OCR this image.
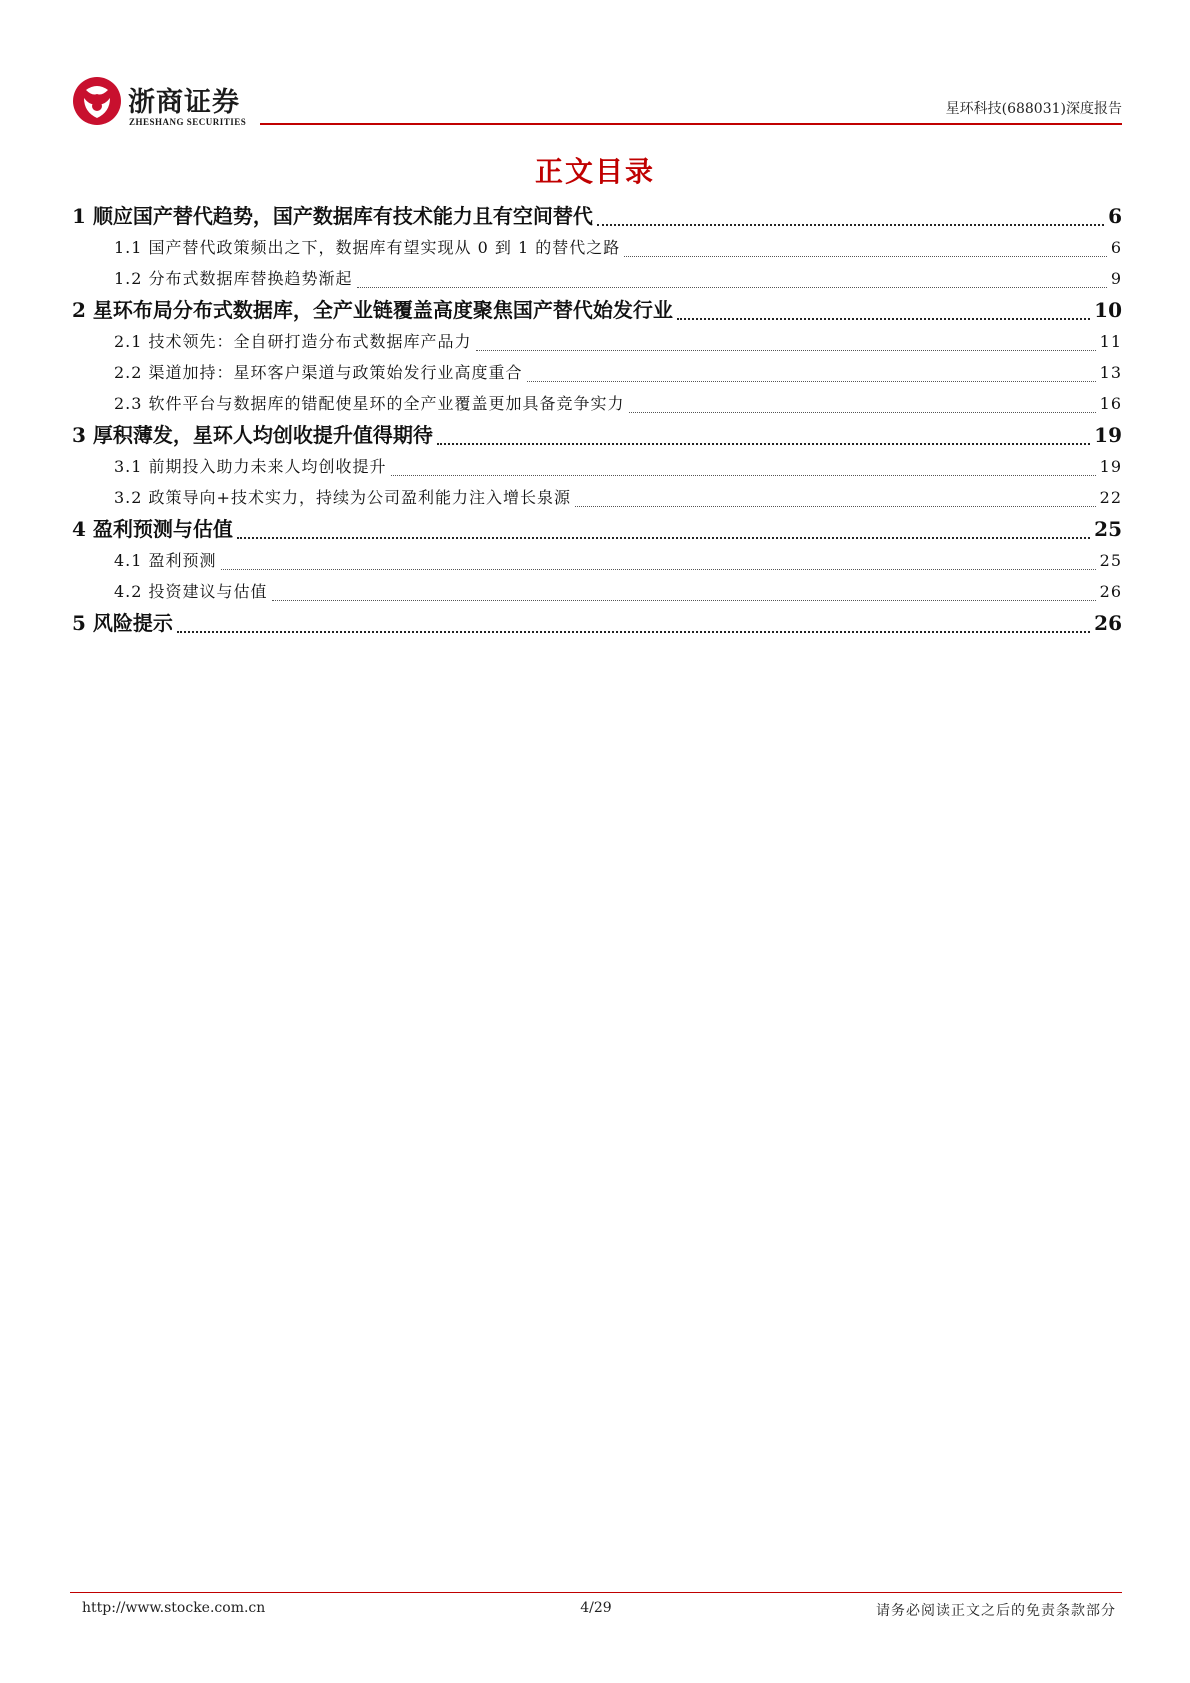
浙商证券
ZHESHANG SECURITIES
星环科技(688031)深度报告
正文目录
1 顺应国产替代趋势，国产数据库有技术能力且有空间替代	6
1.1 国产替代政策频出之下，数据库有望实现从 0 到 1 的替代之路	6
1.2 分布式数据库替换趋势渐起	9
2 星环布局分布式数据库，全产业链覆盖高度聚焦国产替代始发行业	10
2.1 技术领先：全自研打造分布式数据库产品力	11
2.2 渠道加持：星环客户渠道与政策始发行业高度重合	13
2.3 软件平台与数据库的错配使星环的全产业覆盖更加具备竞争实力	16
3 厚积薄发，星环人均创收提升值得期待	19
3.1 前期投入助力未来人均创收提升	19
3.2 政策导向+技术实力，持续为公司盈利能力注入增长泉源	22
4 盈利预测与估值	25
4.1 盈利预测	25
4.2 投资建议与估值	26
5 风险提示	26
http://www.stocke.com.cn	4/29	请务必阅读正文之后的免责条款部分
